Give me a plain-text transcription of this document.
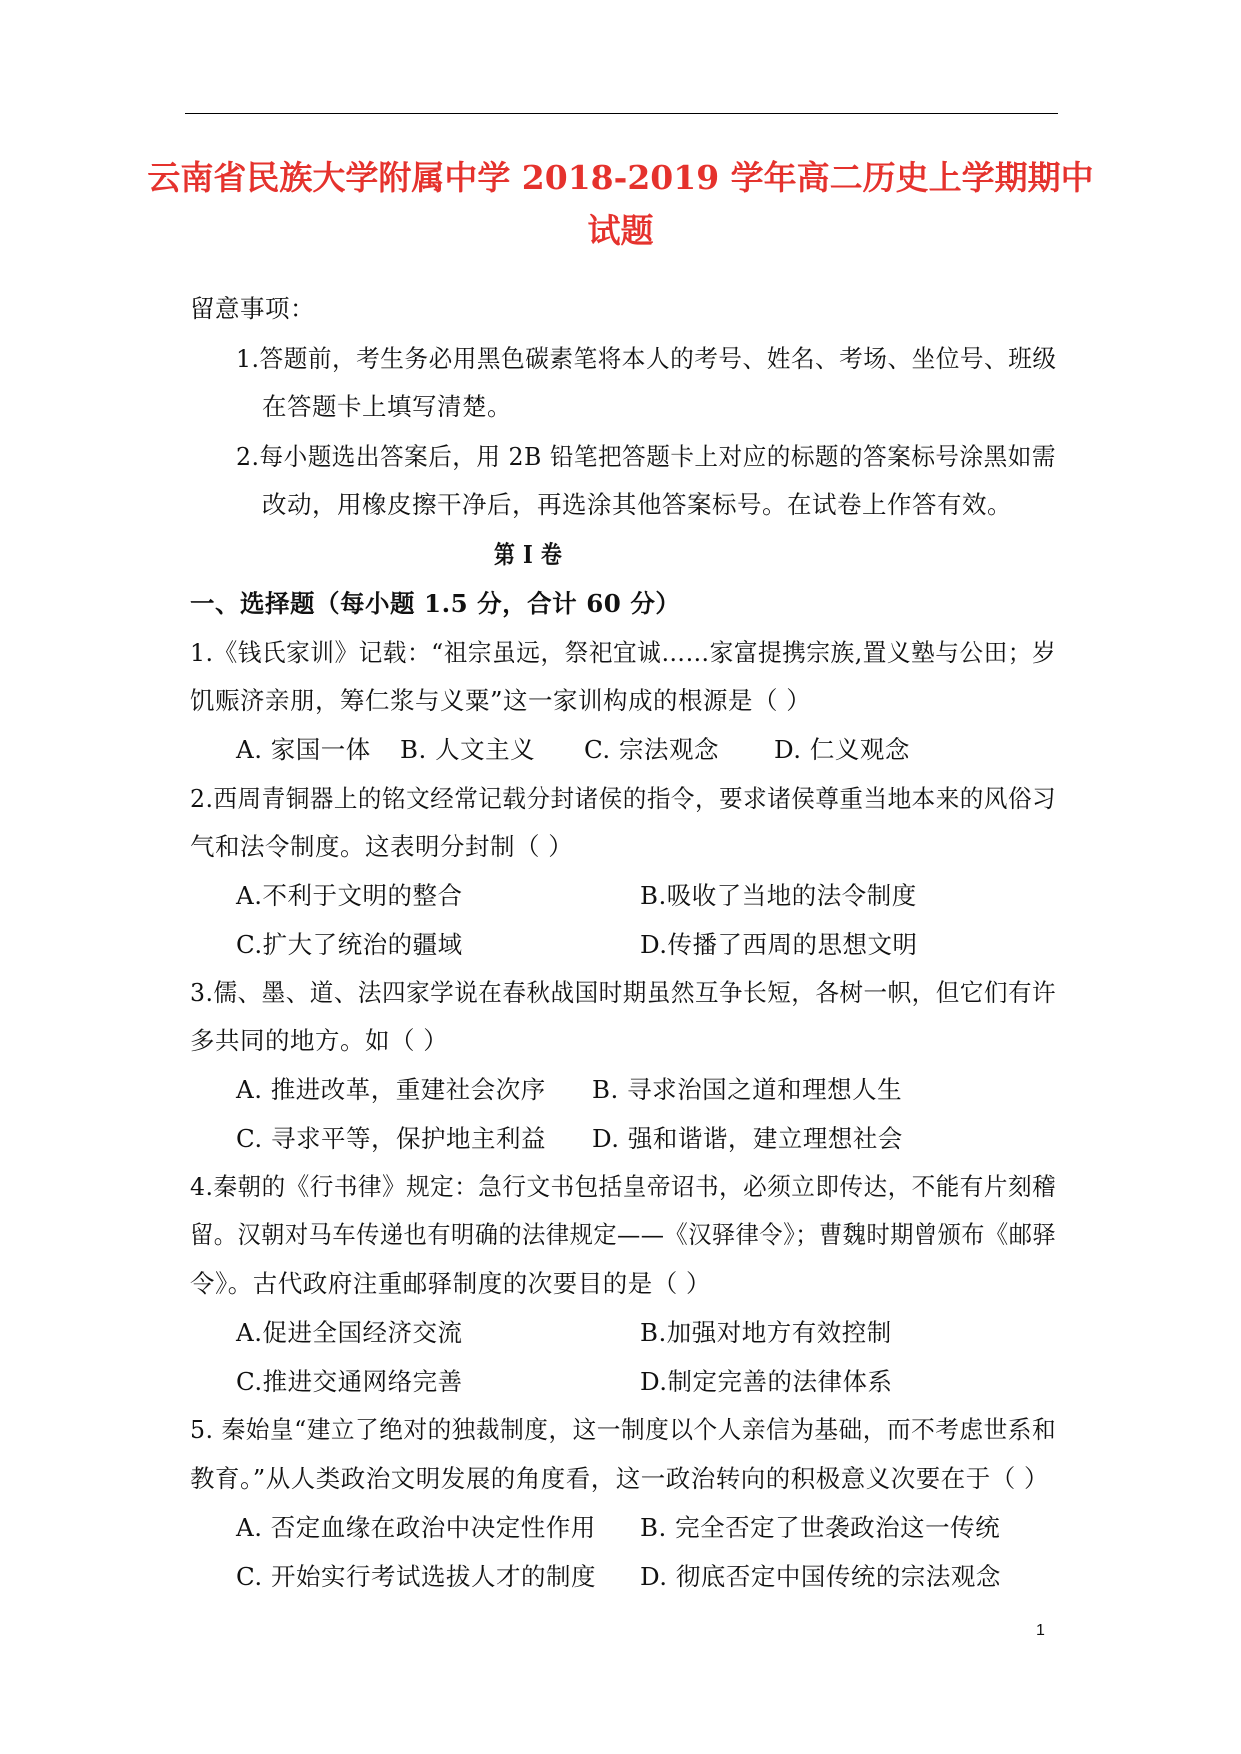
云南省民族大学附属中学 2018-2019 学年高二历史上学期期中
试题
留意事项：
1.答题前，考生务必用黑色碳素笔将本人的考号、姓名、考场、坐位号、班级
在答题卡上填写清楚。
2.每小题选出答案后，用 2B 铅笔把答题卡上对应的标题的答案标号涂黑如需
改动，用橡皮擦干净后，再选涂其他答案标号。在试卷上作答有效。
第 I 卷
一、选择题（每小题 1.5 分，合计 60 分）
1.《钱氏家训》记载：“祖宗虽远，祭祀宜诚……家富提携宗族,置义塾与公田；岁
饥赈济亲朋，筹仁浆与义粟”这一家训构成的根源是（ ）
A. 家国一体 B. 人文主义 C. 宗法观念 D. 仁义观念
2.西周青铜器上的铭文经常记载分封诸侯的指令，要求诸侯尊重当地本来的风俗习
气和法令制度。这表明分封制（ ）
A.不利于文明的整合	B.吸收了当地的法令制度
C.扩大了统治的疆域	D.传播了西周的思想文明
3.儒、墨、道、法四家学说在春秋战国时期虽然互争长短，各树一帜，但它们有许
多共同的地方。如（ ）
A. 推进改革，重建社会次序 B. 寻求治国之道和理想人生
C. 寻求平等，保护地主利益 D. 强和谐谐，建立理想社会
4.秦朝的《行书律》规定：急行文书包括皇帝诏书，必须立即传达，不能有片刻稽
留。汉朝对马车传递也有明确的法律规定——《汉驿律令》；曹魏时期曾颁布《邮驿
令》。古代政府注重邮驿制度的次要目的是（ ）
A.促进全国经济交流	B.加强对地方有效控制
C.推进交通网络完善	D.制定完善的法律体系
5. 秦始皇“建立了绝对的独裁制度，这一制度以个人亲信为基础，而不考虑世系和
教育。”从人类政治文明发展的角度看，这一政治转向的积极意义次要在于（ ）
A. 否定血缘在政治中决定性作用 B. 完全否定了世袭政治这一传统
C. 开始实行考试选拔人才的制度 D. 彻底否定中国传统的宗法观念
1
